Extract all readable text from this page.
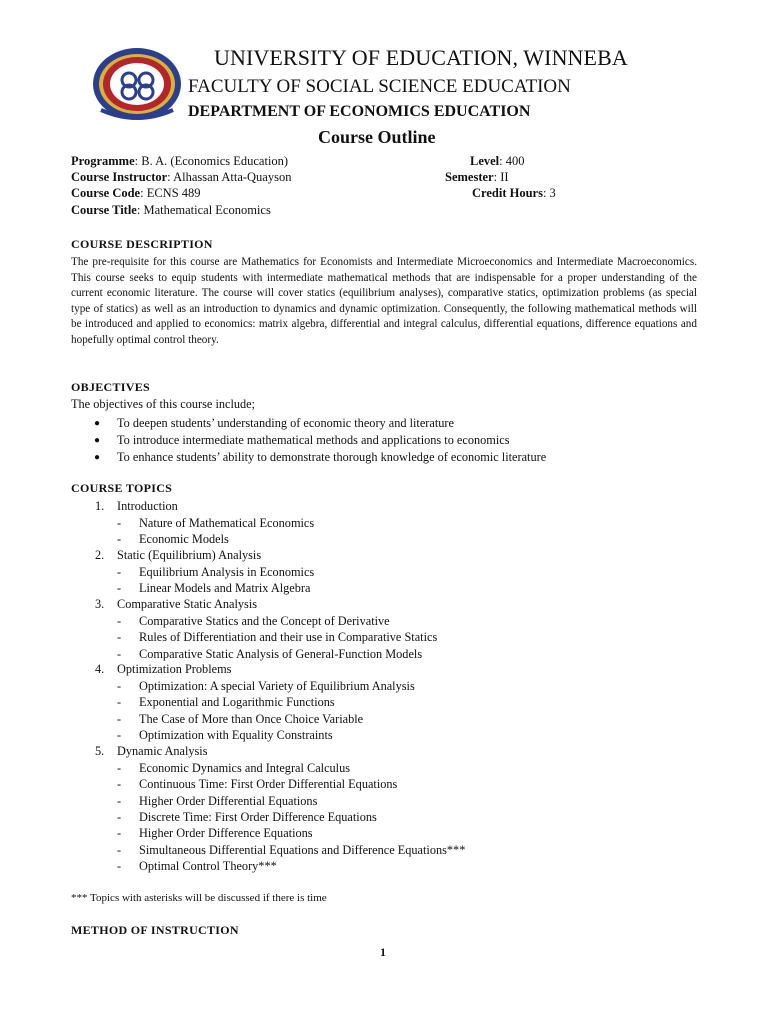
UNIVERSITY OF EDUCATION, WINNEBA
FACULTY OF SOCIAL SCIENCE EDUCATION
DEPARTMENT OF ECONOMICS EDUCATION
Course Outline
Programme: B. A. (Economics Education)	Level: 400
Course Instructor: Alhassan Atta-Quayson	Semester: II
Course Code: ECNS 489	Credit Hours: 3
Course Title: Mathematical Economics
COURSE DESCRIPTION
The pre-requisite for this course are Mathematics for Economists and Intermediate Microeconomics and Intermediate Macroeconomics. This course seeks to equip students with intermediate mathematical methods that are indispensable for a proper understanding of the current economic literature. The course will cover statics (equilibrium analyses), comparative statics, optimization problems (as special type of statics) as well as an introduction to dynamics and dynamic optimization. Consequently, the following mathematical methods will be introduced and applied to economics: matrix algebra, differential and integral calculus, differential equations, difference equations and hopefully optimal control theory.
OBJECTIVES
The objectives of this course include;
● To deepen students’ understanding of economic theory and literature
● To introduce intermediate mathematical methods and applications to economics
● To enhance students’ ability to demonstrate thorough knowledge of economic literature
COURSE TOPICS
1. Introduction
- Nature of Mathematical Economics
- Economic Models
2. Static (Equilibrium) Analysis
- Equilibrium Analysis in Economics
- Linear Models and Matrix Algebra
3. Comparative Static Analysis
- Comparative Statics and the Concept of Derivative
- Rules of Differentiation and their use in Comparative Statics
- Comparative Static Analysis of General-Function Models
4. Optimization Problems
- Optimization: A special Variety of Equilibrium Analysis
- Exponential and Logarithmic Functions
- The Case of More than Once Choice Variable
- Optimization with Equality Constraints
5. Dynamic Analysis
- Economic Dynamics and Integral Calculus
- Continuous Time: First Order Differential Equations
- Higher Order Differential Equations
- Discrete Time: First Order Difference Equations
- Higher Order Difference Equations
- Simultaneous Differential Equations and Difference Equations***
- Optimal Control Theory***
*** Topics with asterisks will be discussed if there is time
METHOD OF INSTRUCTION
1
